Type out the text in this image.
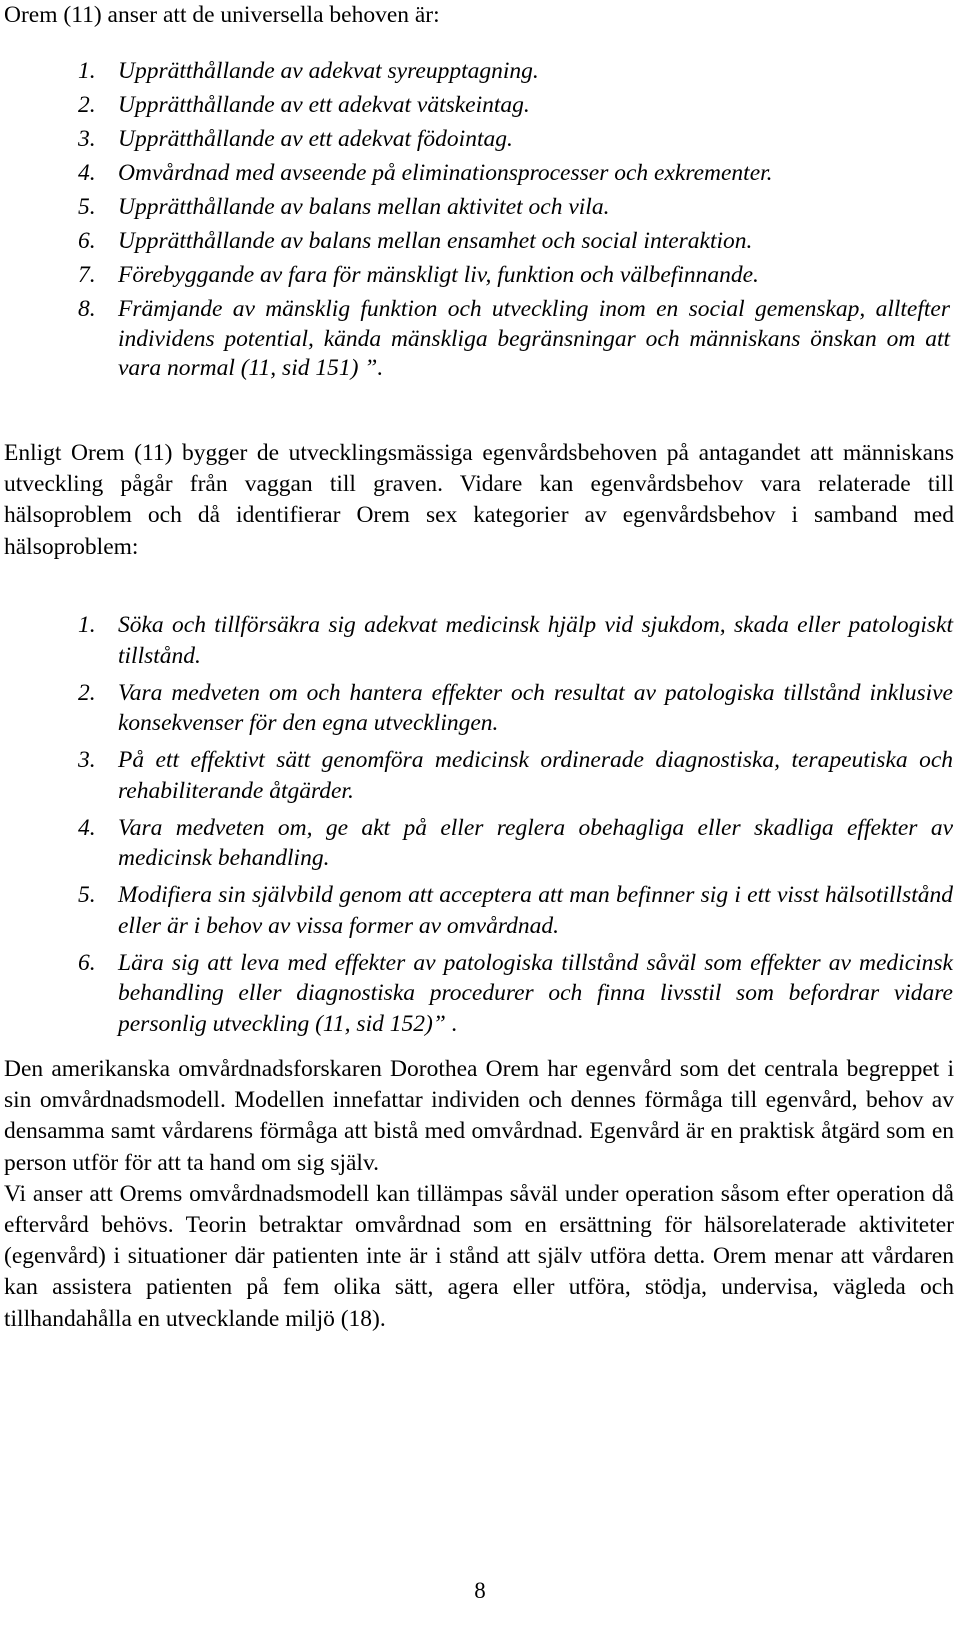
Orem (11) anser att de universella behoven är:

1. Upprätthållande av adekvat syreupptagning.
2. Upprätthållande av ett adekvat vätskeintag.
3. Upprätthållande av ett adekvat födointag.
4. Omvårdnad med avseende på eliminationsprocesser och exkrementer.
5. Upprätthållande av balans mellan aktivitet och vila.
6. Upprätthållande av balans mellan ensamhet och social interaktion.
7. Förebyggande av fara för mänskligt liv, funktion och välbefinnande.
8. Främjande av mänsklig funktion och utveckling inom en social gemenskap, alltefter individens potential, kända mänskliga begränsningar och människans önskan om att vara normal (11, sid 151) ”.

Enligt Orem (11) bygger de utvecklingsmässiga egenvårdsbehoven på antagandet att människans utveckling pågår från vaggan till graven. Vidare kan egenvårdsbehov vara relaterade till hälsoproblem och då identifierar Orem sex kategorier av egenvårdsbehov i samband med hälsoproblem:

1. Söka och tillförsäkra sig adekvat medicinsk hjälp vid sjukdom, skada eller patologiskt tillstånd.
2. Vara medveten om och hantera effekter och resultat av patologiska tillstånd inklusive konsekvenser för den egna utvecklingen.
3. På ett effektivt sätt genomföra medicinsk ordinerade diagnostiska, terapeutiska och rehabiliterande åtgärder.
4. Vara medveten om, ge akt på eller reglera obehagliga eller skadliga effekter av medicinsk behandling.
5. Modifiera sin självbild genom att acceptera att man befinner sig i ett visst hälsotillstånd eller är i behov av vissa former av omvårdnad.
6. Lära sig att leva med effekter av patologiska tillstånd såväl som effekter av medicinsk behandling eller diagnostiska procedurer och finna livsstil som befordrar vidare personlig utveckling (11, sid 152)” .
Den amerikanska omvårdnadsforskaren Dorothea Orem har egenvård som det centrala begreppet i sin omvårdnadsmodell. Modellen innefattar individen och dennes förmåga till egenvård, behov av densamma samt vårdarens förmåga att bistå med omvårdnad. Egenvård är en praktisk åtgärd som en person utför för att ta hand om sig själv.
Vi anser att Orems omvårdnadsmodell kan tillämpas såväl under operation såsom efter operation då eftervård behövs. Teorin betraktar omvårdnad som en ersättning för hälsorelaterade aktiviteter (egenvård) i situationer där patienten inte är i stånd att själv utföra detta. Orem menar att vårdaren kan assistera patienten på fem olika sätt, agera eller utföra, stödja, undervisa, vägleda och tillhandahålla en utvecklande miljö (18).
8
